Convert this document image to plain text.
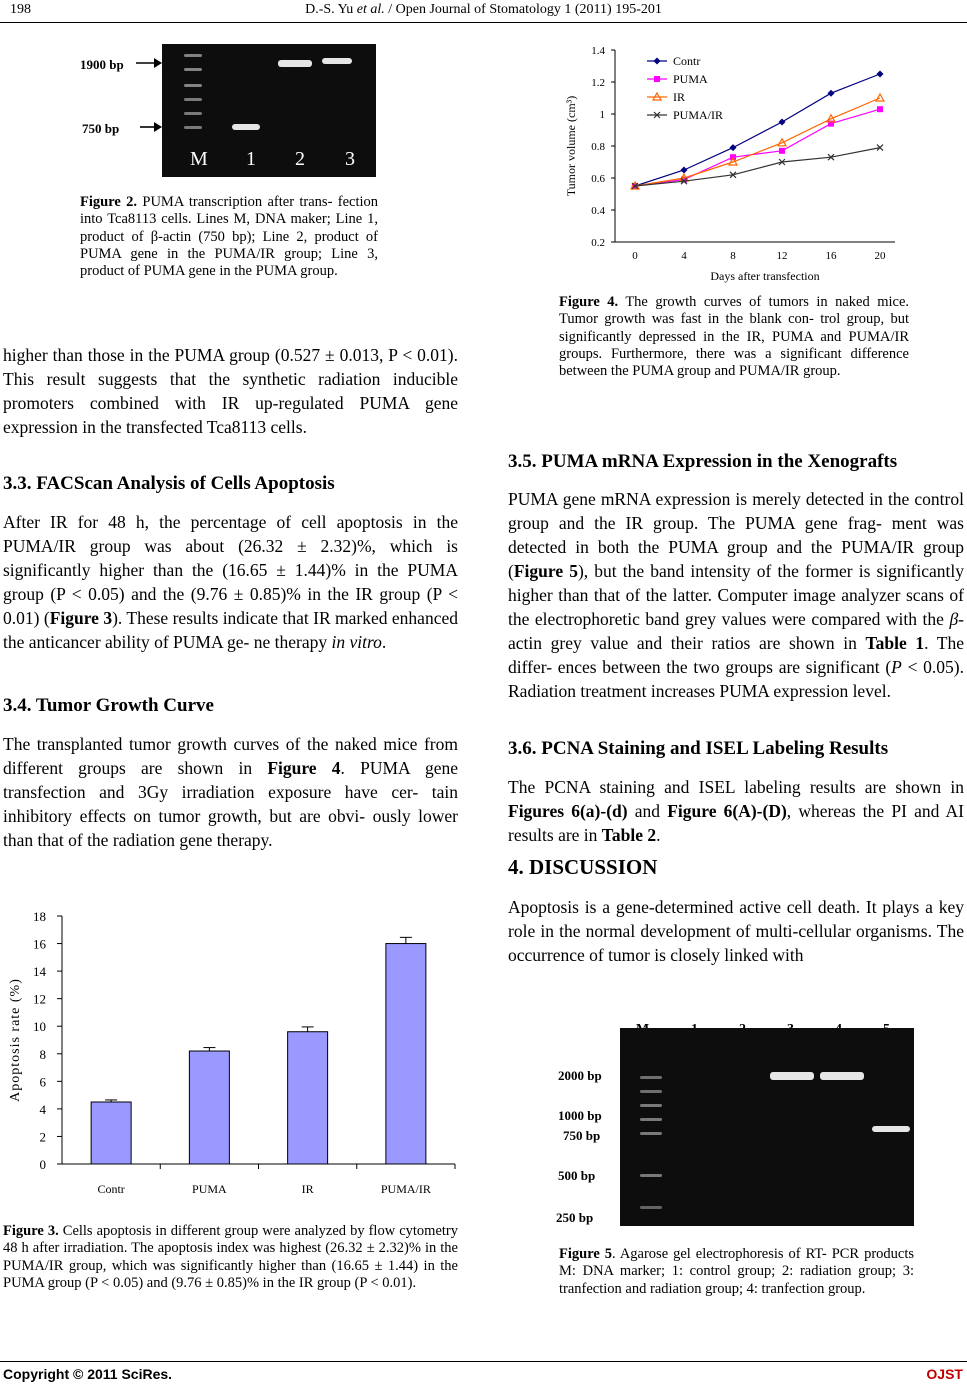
198	D.-S. Yu et al. / Open Journal of Stomatology 1 (2011) 195-201
1900 bp
750 bp
M 1 2 3
Figure 2. PUMA transcription after trans- fection into Tca8113 cells. Lines M, DNA maker; Line 1, product of β-actin (750 bp); Line 2, product of PUMA gene in the PUMA/IR group; Line 3, product of PUMA gene in the PUMA group.
higher than those in the PUMA group (0.527 ± 0.013, P < 0.01). This result suggests that the synthetic radiation inducible promoters combined with IR up-regulated PUMA gene expression in the transfected Tca8113 cells.
3.3. FACScan Analysis of Cells Apoptosis
After IR for 48 h, the percentage of cell apoptosis in the PUMA/IR group was about (26.32 ± 2.32)%, which is significantly higher than the (16.65 ± 1.44)% in the PUMA group (P < 0.05) and the (9.76 ± 0.85)% in the IR group (P < 0.01) (Figure 3). These results indicate that IR marked enhanced the anticancer ability of PUMA ge- ne therapy in vitro.
3.4. Tumor Growth Curve
The transplanted tumor growth curves of the naked mice from different groups are shown in Figure 4. PUMA gene transfection and 3Gy irradiation exposure have cer- tain inhibitory effects on tumor growth, but are obvi- ously lower than that of the radiation gene therapy.
0
2
4
6
8
10
12
14
16
18
Contr	PUMA	IR	PUMA/IR
Apoptosis rate (%)
Figure 3. Cells apoptosis in different group were analyzed by flow cytometry 48 h after irradiation. The apoptosis index was highest (26.32 ± 2.32)% in the PUMA/IR group, which was significantly higher than (16.65 ± 1.44) in the PUMA group (P < 0.05) and (9.76 ± 0.85)% in the IR group (P < 0.01).
0.2
0.4
0.6
0.8
1
1.2
1.4
0	4	8	12	16	20
Days after transfection
Tumor volume (cm³)
Contr
PUMA
IR
PUMA/IR
Figure 4. The growth curves of tumors in naked mice. Tumor growth was fast in the blank con- trol group, but significantly depressed in the IR, PUMA and PUMA/IR groups. Furthermore, there was a significant difference between the PUMA group and PUMA/IR group.
3.5. PUMA mRNA Expression in the Xenografts
PUMA gene mRNA expression is merely detected in the control group and the IR group. The PUMA gene frag- ment was detected in both the PUMA group and the PUMA/IR group (Figure 5), but the band intensity of the former is significantly higher than that of the latter. Computer image analyzer scans of the electrophoretic band grey values were compared with the β-actin grey value and their ratios are shown in Table 1. The differ- ences between the two groups are significant (P < 0.05). Radiation treatment increases PUMA expression level.
3.6. PCNA Staining and ISEL Labeling Results
The PCNA staining and ISEL labeling results are shown in Figures 6(a)-(d) and Figure 6(A)-(D), whereas the PI and AI results are in Table 2.
4. DISCUSSION
Apoptosis is a gene-determined active cell death. It plays a key role in the normal development of multi-cellular organisms. The occurrence of tumor is closely linked with
2000 bp
1000 bp
750 bp
500 bp
250 bp
Figure 5. Agarose gel electrophoresis of RT- PCR products M: DNA marker; 1: control group; 2: radiation group; 3: tranfection and radiation group; 4: tranfection group.
Copyright © 2011 SciRes.	OJST
